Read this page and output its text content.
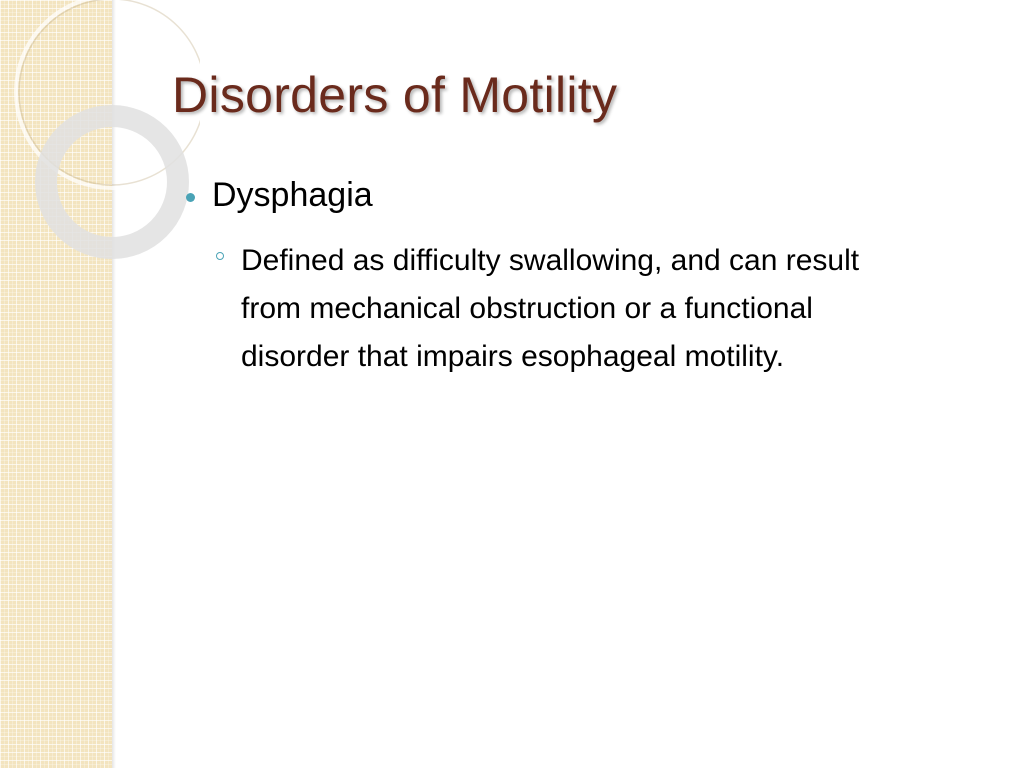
Disorders of Motility
Dysphagia
Defined as difficulty swallowing, and can result
from mechanical obstruction or a functional
disorder that impairs esophageal motility.
